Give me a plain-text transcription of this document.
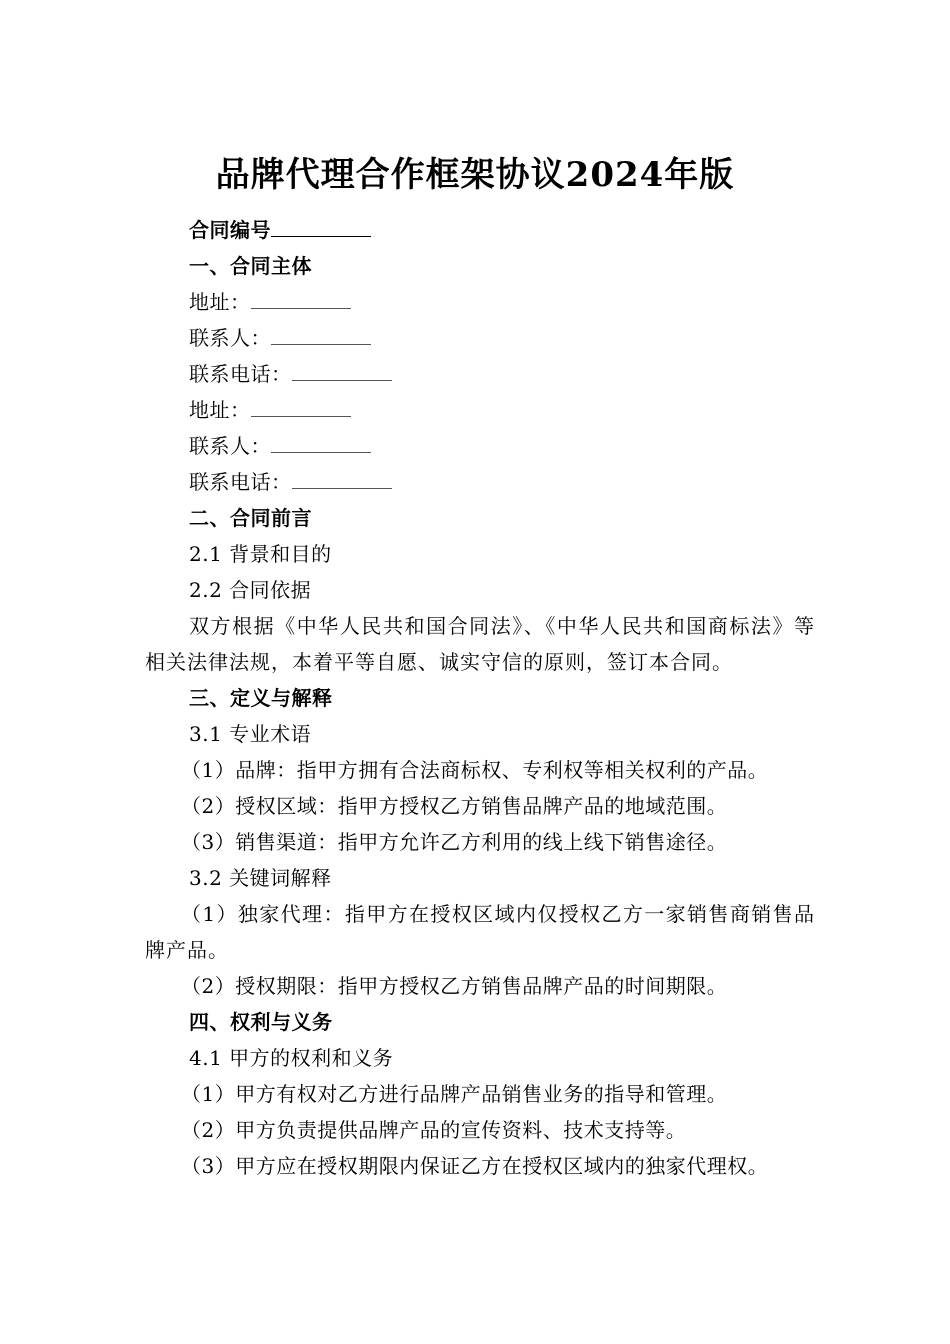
品牌代理合作框架协议2024年版
合同编号
一、合同主体
地址：
联系人：
联系电话：
地址：
联系人：
联系电话：
二、合同前言
2.1 背景和目的
2.2 合同依据

双方根据《中华人民共和国合同法》、《中华人民共和国商标法》等相关法律法规，本着平等自愿、诚实守信的原则，签订本合同。

三、定义与解释
3.1 专业术语
（1）品牌：指甲方拥有合法商标权、专利权等相关权利的产品。
（2）授权区域：指甲方授权乙方销售品牌产品的地域范围。
（3）销售渠道：指甲方允许乙方利用的线上线下销售途径。
3.2 关键词解释

（1）独家代理：指甲方在授权区域内仅授权乙方一家销售商销售品牌产品。

（2）授权期限：指甲方授权乙方销售品牌产品的时间期限。
四、权利与义务
4.1 甲方的权利和义务
（1）甲方有权对乙方进行品牌产品销售业务的指导和管理。
（2）甲方负责提供品牌产品的宣传资料、技术支持等。
（3）甲方应在授权期限内保证乙方在授权区域内的独家代理权。
